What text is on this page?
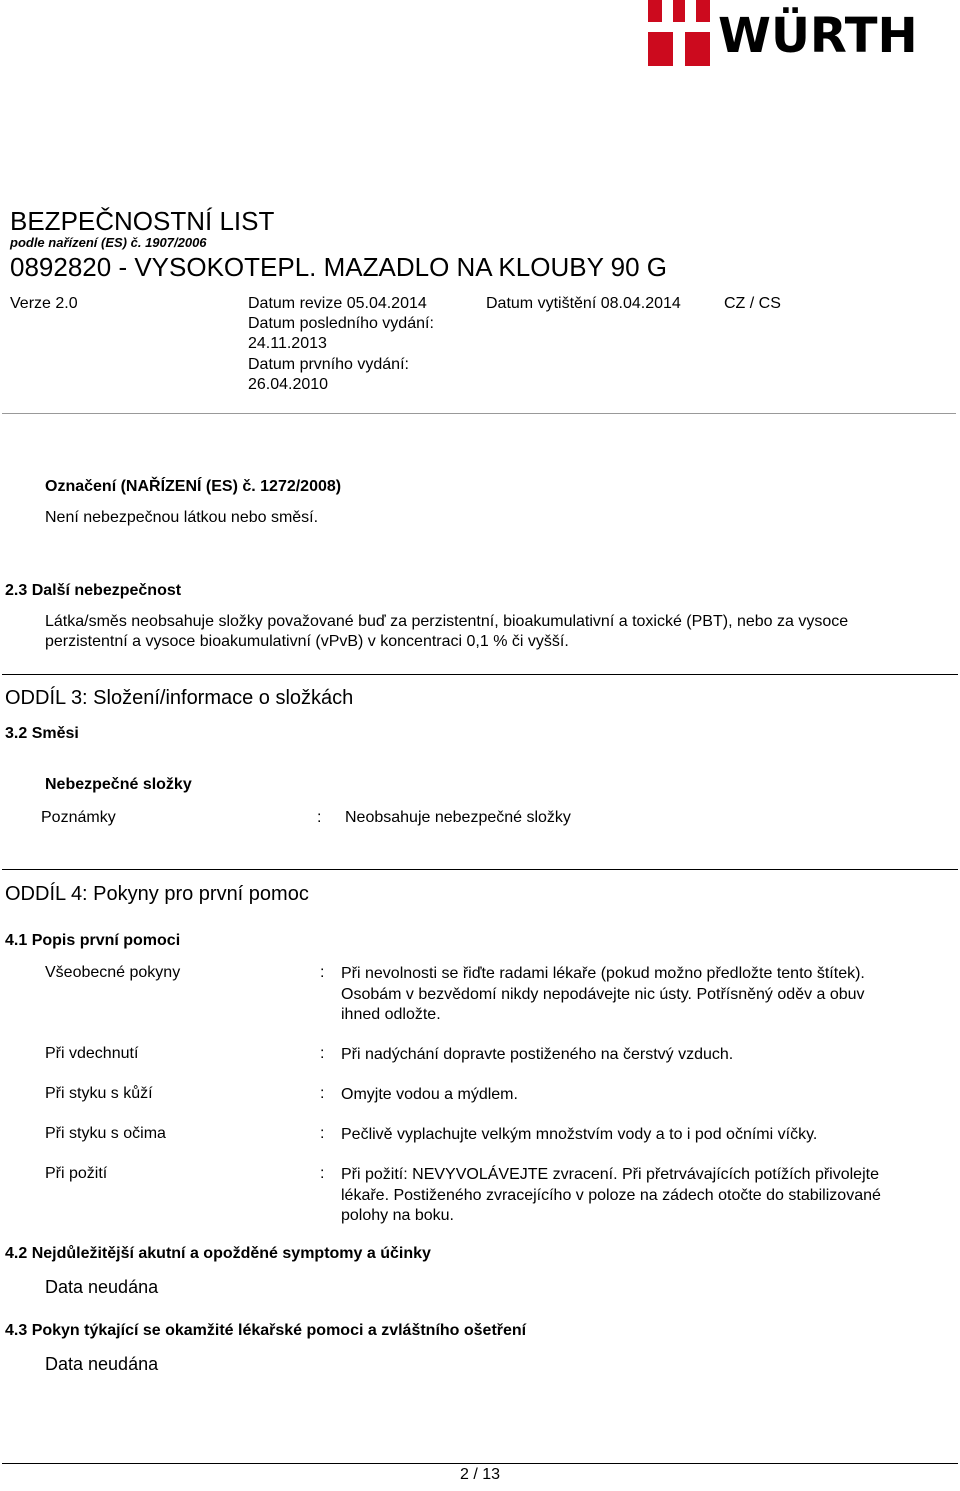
WÜRTH
BEZPEČNOSTNÍ LIST
podle nařízení (ES) č. 1907/2006
0892820 - VYSOKOTEPL. MAZADLO NA KLOUBY 90 G
Verze 2.0	Datum revize 05.04.2014
Datum posledního vydání:
24.11.2013
Datum prvního vydání:
26.04.2010
Datum vytištění 08.04.2014	CZ / CS
Označení (NAŘÍZENÍ (ES) č. 1272/2008)
Není nebezpečnou látkou nebo směsí.
2.3 Další nebezpečnost
Látka/směs neobsahuje složky považované buď za perzistentní, bioakumulativní a toxické (PBT), nebo za vysoce
perzistentní a vysoce bioakumulativní (vPvB) v koncentraci 0,1 % či vyšší.
ODDÍL 3: Složení/informace o složkách
3.2 Směsi
Nebezpečné složky
Poznámky	: Neobsahuje nebezpečné složky
ODDÍL 4: Pokyny pro první pomoc
4.1 Popis první pomoci
Všeobecné pokyny	: Při nevolnosti se řiďte radami lékaře (pokud možno předložte tento štítek). Osobám v bezvědomí nikdy nepodávejte nic ústy. Potřísněný oděv a obuv ihned odložte.
Při vdechnutí	: Při nadýchání dopravte postiženého na čerstvý vzduch.
Při styku s kůží	: Omyjte vodou a mýdlem.
Při styku s očima	: Pečlivě vyplachujte velkým množstvím vody a to i pod očními víčky.
Při požití	: Při požití: NEVYVOLÁVEJTE zvracení. Při přetrvávajících potížích přivolejte lékaře. Postiženého zvracejícího v poloze na zádech otočte do stabilizované polohy na boku.
4.2 Nejdůležitější akutní a opožděné symptomy a účinky
Data neudána
4.3 Pokyn týkající se okamžité lékařské pomoci a zvláštního ošetření
Data neudána
2 / 13
